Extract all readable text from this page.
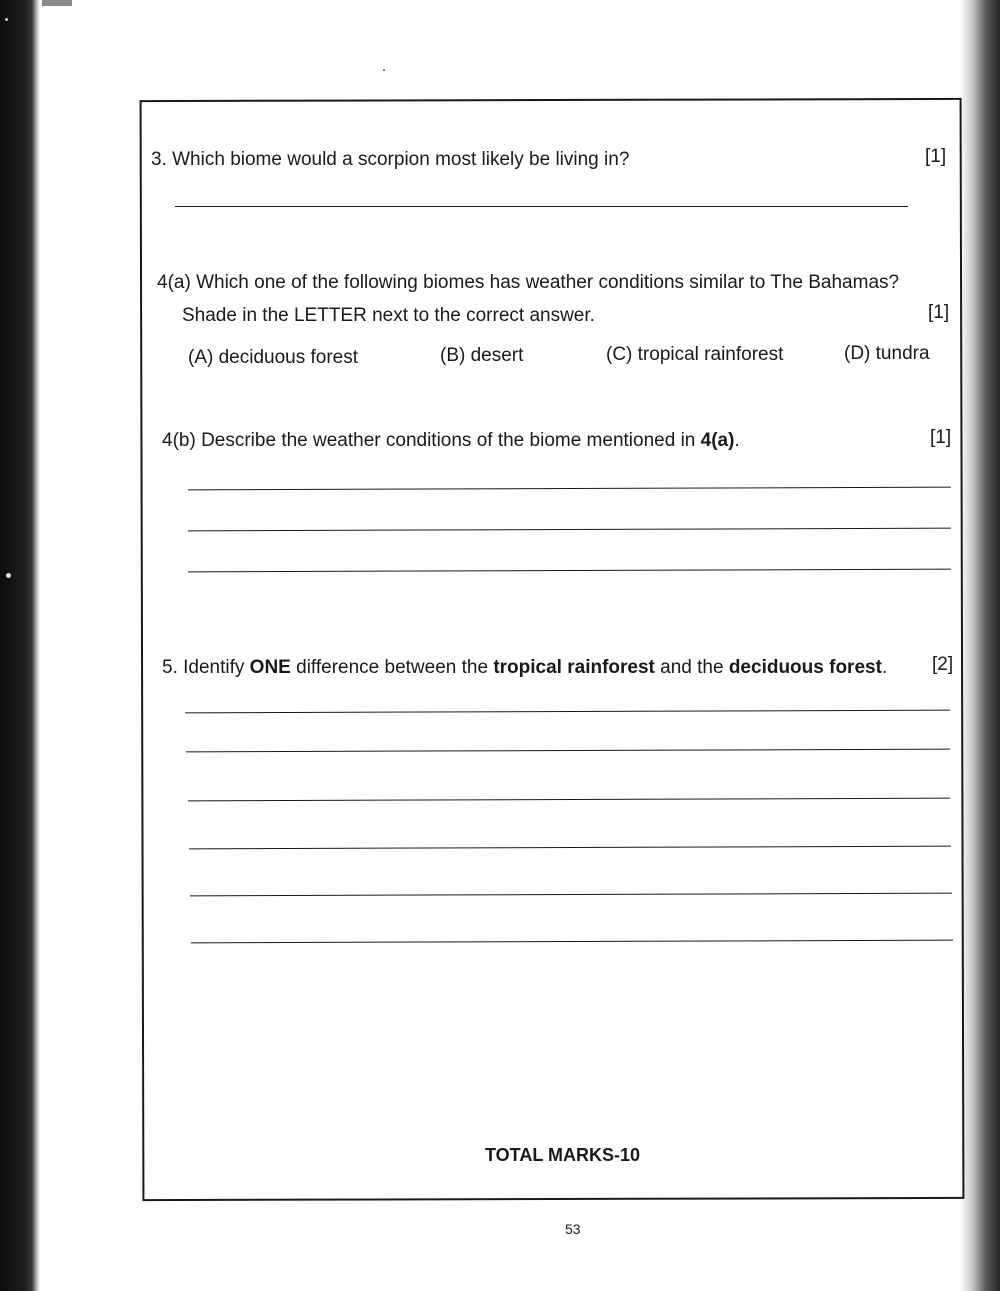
3. Which biome would a scorpion most likely be living in?	[1]
4(a) Which one of the following biomes has weather conditions similar to The Bahamas?
Shade in the LETTER next to the correct answer.	[1]
(A) deciduous forest	(B) desert	(C) tropical rainforest	(D) tundra
4(b) Describe the weather conditions of the biome mentioned in 4(a).	[1]
5. Identify ONE difference between the tropical rainforest and the deciduous forest. [2]
TOTAL MARKS-10
53
